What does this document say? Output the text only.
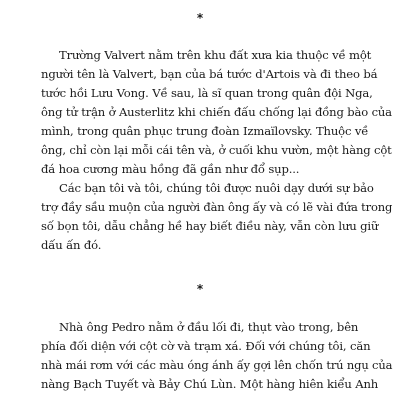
*
Trường Valvert nằm trên khu đất xưa kia thuộc về một
người tên là Valvert, bạn của bá tước d'Artois và đi theo bá
tước hồi Lưu Vong. Về sau, là sĩ quan trong quân đội Nga,
ông tử trận ở Austerlitz khi chiến đấu chống lại đồng bào của
mình, trong quân phục trung đoàn Izmaïlovsky. Thuộc về
ông, chỉ còn lại mỗi cái tên và, ở cuối khu vườn, một hàng cột
đá hoa cương màu hồng đã gần như đổ sụp...
Các bạn tôi và tôi, chúng tôi được nuôi dạy dưới sự bảo
trợ đầy sầu muộn của người đàn ông ấy và có lẽ vài đứa trong
số bọn tôi, dẫu chẳng hề hay biết điều này, vẫn còn lưu giữ
dấu ấn đó.
*
Nhà ông Pedro nằm ở đầu lối đi, thụt vào trong, bên
phía đối diện với cột cờ và trạm xá. Đối với chúng tôi, căn
nhà mái rơm với các màu óng ánh ấy gợi lên chốn trú ngụ của
nàng Bạch Tuyết và Bảy Chú Lùn. Một hàng hiên kiểu Anh
